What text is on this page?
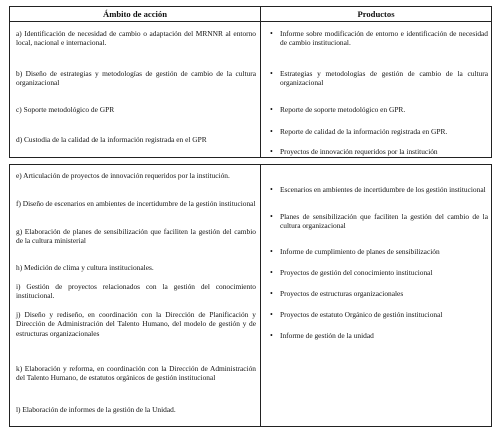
Ámbito de acción	Productos
a) Identificación de necesidad de cambio o adaptación del MRNNR al entorno local, nacional e internacional.
b) Diseño de estrategias y metodologías de gestión de cambio de la cultura organizacional
c) Soporte metodológico de GPR
d) Custodia de la calidad de la información registrada en el GPR
• Informe sobre modificación de entorno e identificación de necesidad de cambio institucional.
• Estrategias y metodologías de gestión de cambio de la cultura organizacional
• Reporte de soporte metodológico en GPR.
• Reporte de calidad de la información registrada en GPR.
• Proyectos de innovación requeridos por la institución
e) Articulación de proyectos de innovación requeridos por la institución.
f) Diseño de escenarios en ambientes de incertidumbre de la gestión institucional
g) Elaboración de planes de sensibilización que faciliten la gestión del cambio de la cultura ministerial
h) Medición de clima y cultura institucionales.
i) Gestión de proyectos relacionados con la gestión del conocimiento institucional.
j) Diseño y rediseño, en coordinación con la Dirección de Planificación y Dirección de Administración del Talento Humano, del modelo de gestión y de estructuras organizacionales
k) Elaboración y reforma, en coordinación con la Dirección de Administración del Talento Humano, de estatutos orgánicos de gestión institucional
l) Elaboración de informes de la gestión de la Unidad.
• Escenarios en ambientes de incertidumbre de los gestión institucional
• Planes de sensibilización que faciliten la gestión del cambio de la cultura organizacional
• Informe de cumplimiento de planes de sensibilización
• Proyectos de gestión del conocimiento institucional
• Proyectos de estructuras organizacionales
• Proyectos de estatuto Orgánico de gestión institucional
• Informe de gestión de la unidad
